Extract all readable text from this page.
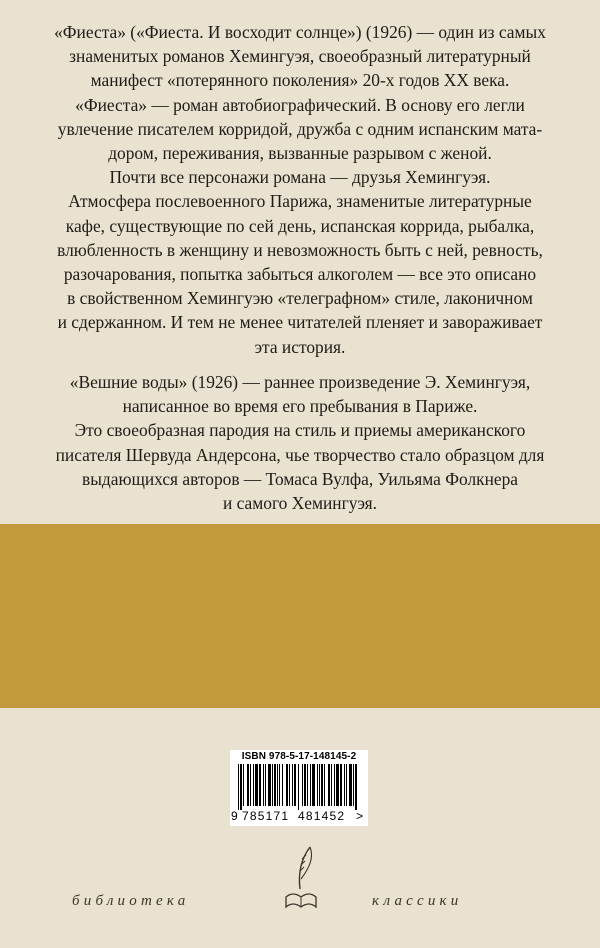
«Фиеста» («Фиеста. И восходит солнце») (1926) — один из самых
знаменитых романов Хемингуэя, своеобразный литературный
манифест «потерянного поколения» 20-х годов XX века.
«Фиеста» — роман автобиографический. В основу его легли
увлечение писателем корридой, дружба с одним испанским мата-
дором, переживания, вызванные разрывом с женой.
Почти все персонажи романа — друзья Хемингуэя.
Атмосфера послевоенного Парижа, знаменитые литературные
кафе, существующие по сей день, испанская коррида, рыбалка,
влюбленность в женщину и невозможность быть с ней, ревность,
разочарования, попытка забыться алкоголем — все это описано
в свойственном Хемингуэю «телеграфном» стиле, лаконичном
и сдержанном. И тем не менее читателей пленяет и завораживает
эта история.
«Вешние воды» (1926) — раннее произведение Э. Хемингуэя,
написанное во время его пребывания в Париже.
Это своеобразная пародия на стиль и приемы американского
писателя Шервуда Андерсона, чье творчество стало образцом для
выдающихся авторов — Томаса Вулфа, Уильяма Фолкнера
и самого Хемингуэя.
ISBN 978-5-17-148145-2
9 785171 481452 >
библиотека	классики
